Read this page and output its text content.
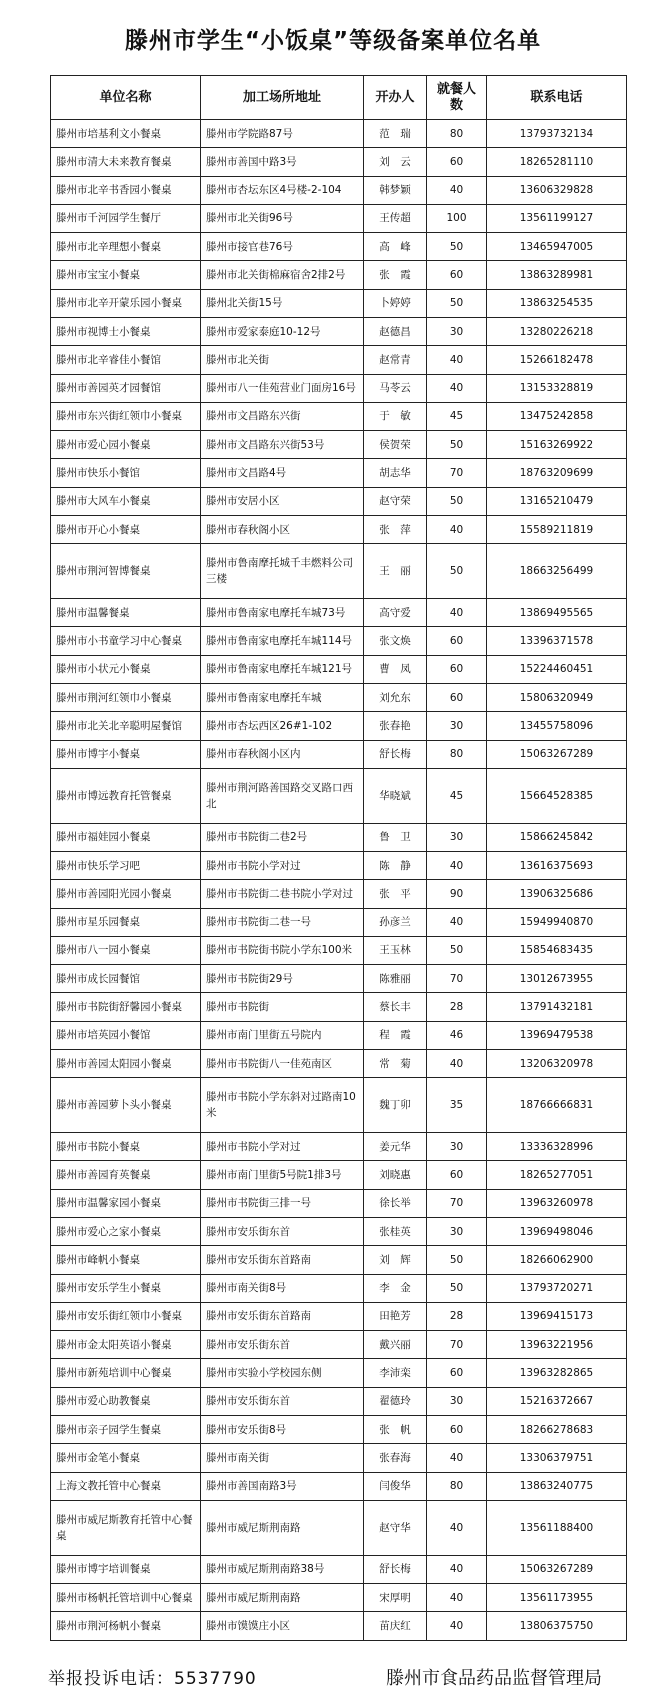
滕州市学生“小饭桌”等级备案单位名单
单位名称	加工场所地址	开办人	就餐人数	联系电话
滕州市培基利文小餐桌	滕州市学院路87号	范　瑞	80	13793732134
滕州市清大未来教育餐桌	滕州市善国中路3号	刘　云	60	18265281110
滕州市北辛书香园小餐桌	滕州市杏坛东区4号楼-2-104	韩梦颖	40	13606329828
滕州市千河园学生餐厅	滕州市北关街96号	王传超	100	13561199127
滕州市北辛理想小餐桌	滕州市接官巷76号	高　峰	50	13465947005
滕州市宝宝小餐桌	滕州市北关街棉麻宿舍2排2号	张　霞	60	13863289981
滕州市北辛开蒙乐园小餐桌	滕州北关街15号	卜婷婷	50	13863254535
滕州市视博士小餐桌	滕州市爱家泰庭10-12号	赵德昌	30	13280226218
滕州市北辛睿佳小餐馆	滕州市北关街	赵常青	40	15266182478
滕州市善园英才园餐馆	滕州市八一佳苑营业门面房16号	马苓云	40	13153328819
滕州市东兴街红领巾小餐桌	滕州市文昌路东兴街	于　敏	45	13475242858
滕州市爱心园小餐桌	滕州市文昌路东兴街53号	侯贺荣	50	15163269922
滕州市快乐小餐馆	滕州市文昌路4号	胡志华	70	18763209699
滕州市大风车小餐桌	滕州市安居小区	赵守荣	50	13165210479
滕州市开心小餐桌	滕州市春秋阁小区	张　萍	40	15589211819
滕州市荆河智博餐桌	滕州市鲁南摩托城千丰燃料公司三楼	王　丽	50	18663256499
滕州市温馨餐桌	滕州市鲁南家电摩托车城73号	高守爱	40	13869495565
滕州市小书童学习中心餐桌	滕州市鲁南家电摩托车城114号	张文焕	60	13396371578
滕州市小状元小餐桌	滕州市鲁南家电摩托车城121号	曹　凤	60	15224460451
滕州市荆河红领巾小餐桌	滕州市鲁南家电摩托车城	刘允东	60	15806320949
滕州市北关北辛聪明屋餐馆	滕州市杏坛西区26#1-102	张春艳	30	13455758096
滕州市博宇小餐桌	滕州市春秋阁小区内	舒长梅	80	15063267289
滕州市博远教育托管餐桌	滕州市荆河路善国路交叉路口西北	华晓斌	45	15664528385
滕州市福娃园小餐桌	滕州市书院街二巷2号	鲁　卫	30	15866245842
滕州市快乐学习吧	滕州市书院小学对过	陈　静	40	13616375693
滕州市善园阳光园小餐桌	滕州市书院街二巷书院小学对过	张　平	90	13906325686
滕州市星乐园餐桌	滕州市书院街二巷一号	孙彦兰	40	15949940870
滕州市八一园小餐桌	滕州市书院街书院小学东100米	王玉林	50	15854683435
滕州市成长园餐馆	滕州市书院街29号	陈雅丽	70	13012673955
滕州市书院街舒馨园小餐桌	滕州市书院街	蔡长丰	28	13791432181
滕州市培英园小餐馆	滕州市南门里街五号院内	程　霞	46	13969479538
滕州市善园太阳园小餐桌	滕州市书院街八一佳苑南区	常　菊	40	13206320978
滕州市善园萝卜头小餐桌	滕州市书院小学东斜对过路南10米	魏丁卯	35	18766666831
滕州市书院小餐桌	滕州市书院小学对过	姜元华	30	13336328996
滕州市善园育英餐桌	滕州市南门里街5号院1排3号	刘晓惠	60	18265277051
滕州市温馨家园小餐桌	滕州市书院街三排一号	徐长举	70	13963260978
滕州市爱心之家小餐桌	滕州市安乐街东首	张桂英	30	13969498046
滕州市峰帆小餐桌	滕州市安乐街东首路南	刘　辉	50	18266062900
滕州市安乐学生小餐桌	滕州市南关街8号	李　金	50	13793720271
滕州市安乐街红领巾小餐桌	滕州市安乐街东首路南	田艳芳	28	13969415173
滕州市金太阳英语小餐桌	滕州市安乐街东首	戴兴丽	70	13963221956
滕州市新苑培训中心餐桌	滕州市实验小学校园东侧	李沛栾	60	13963282865
滕州市爱心助教餐桌	滕州市安乐街东首	翟德玲	30	15216372667
滕州市亲子园学生餐桌	滕州市安乐街8号	张　帆	60	18266278683
滕州市金笔小餐桌	滕州市南关街	张春海	40	13306379751
上海文教托管中心餐桌	滕州市善国南路3号	闫俊华	80	13863240775
滕州市威尼斯教育托管中心餐桌	滕州市威尼斯荆南路	赵守华	40	13561188400
滕州市博宇培训餐桌	滕州市威尼斯荆南路38号	舒长梅	40	15063267289
滕州市杨帆托管培训中心餐桌	滕州市威尼斯荆南路	宋厚明	40	13561173955
滕州市荆河杨帆小餐桌	滕州市馍馍庄小区	苗庆红	40	13806375750
举报投诉电话：5537790	滕州市食品药品监督管理局
